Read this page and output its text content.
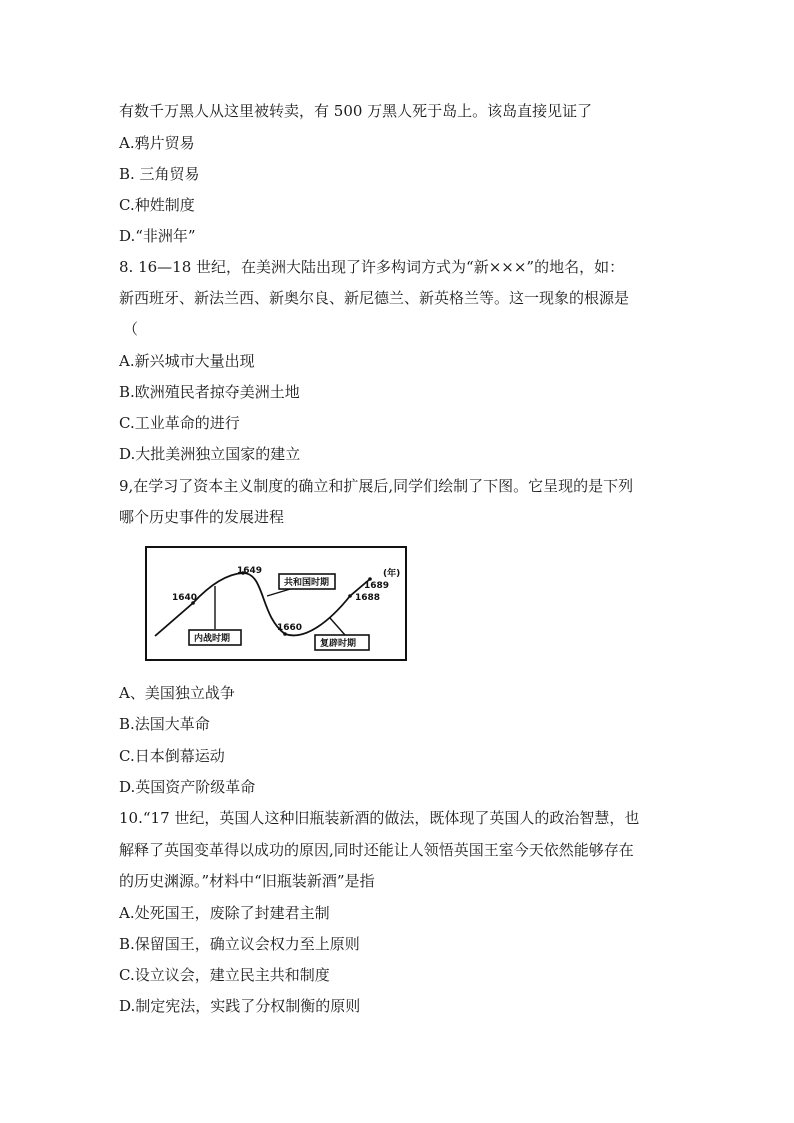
有数千万黑人从这里被转卖，有 500 万黑人死于岛上。该岛直接见证了
A.鸦片贸易
B. 三角贸易
C.种姓制度
D.“非洲年”
8. 16—18 世纪，在美洲大陆出现了许多构词方式为“新×××”的地名，如：
新西班牙、新法兰西、新奥尔良、新尼德兰、新英格兰等。这一现象的根源是
（
A.新兴城市大量出现
B.欧洲殖民者掠夺美洲土地
C.工业革命的进行
D.大批美洲独立国家的建立
9,在学习了资本主义制度的确立和扩展后,同学们绘制了下图。它呈现的是下列
哪个历史事件的发展进程
1640
1649
1660
1688
1689
(年)
共和国时期
内战时期	复辟时期
A、美国独立战争
B.法国大革命
C.日本倒幕运动
D.英国资产阶级革命
10.“17 世纪，英国人这种旧瓶装新酒的做法，既体现了英国人的政治智慧，也
解释了英国变革得以成功的原因,同时还能让人领悟英国王室今天依然能够存在
的历史渊源。”材料中“旧瓶装新酒”是指
A.处死国王，废除了封建君主制
B.保留国王，确立议会权力至上原则
C.设立议会，建立民主共和制度
D.制定宪法，实践了分权制衡的原则
